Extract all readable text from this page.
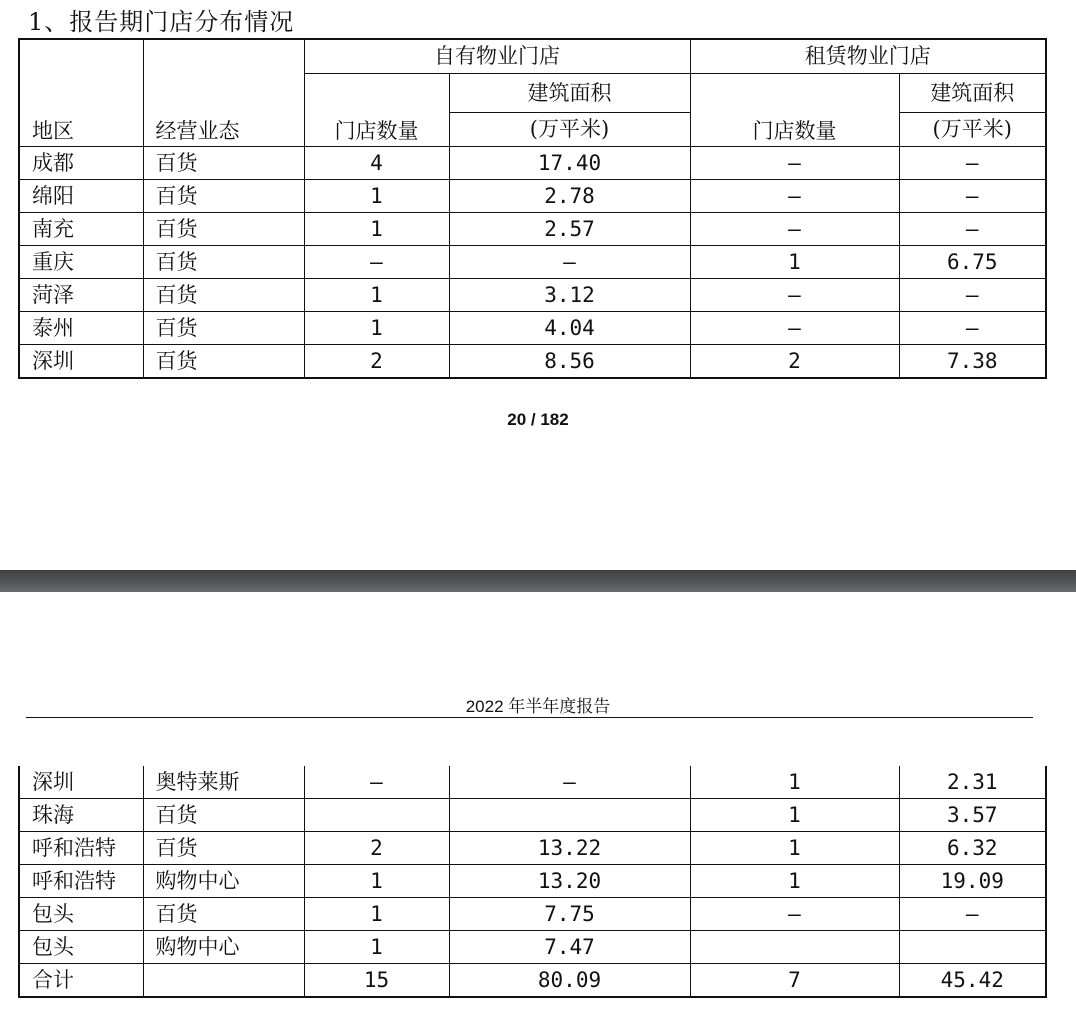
1、报告期门店分布情况
地区	经营业态	自有物业门店		租赁物业门店	
		门店数量	建筑面积	门店数量	建筑面积
			(万平米)		(万平米)
成都	百货	4	17.40	–	–
绵阳	百货	1	2.78	–	–
南充	百货	1	2.57	–	–
重庆	百货	–	–	1	6.75
菏泽	百货	1	3.12	–	–
泰州	百货	1	4.04	–	–
深圳	百货	2	8.56	2	7.38
20 / 182
2022 年半年度报告
深圳	奥特莱斯	–	–	1	2.31
珠海	百货			1	3.57
呼和浩特	百货	2	13.22	1	6.32
呼和浩特	购物中心	1	13.20	1	19.09
包头	百货	1	7.75	–	–
包头	购物中心	1	7.47		
合计		15	80.09	7	45.42
